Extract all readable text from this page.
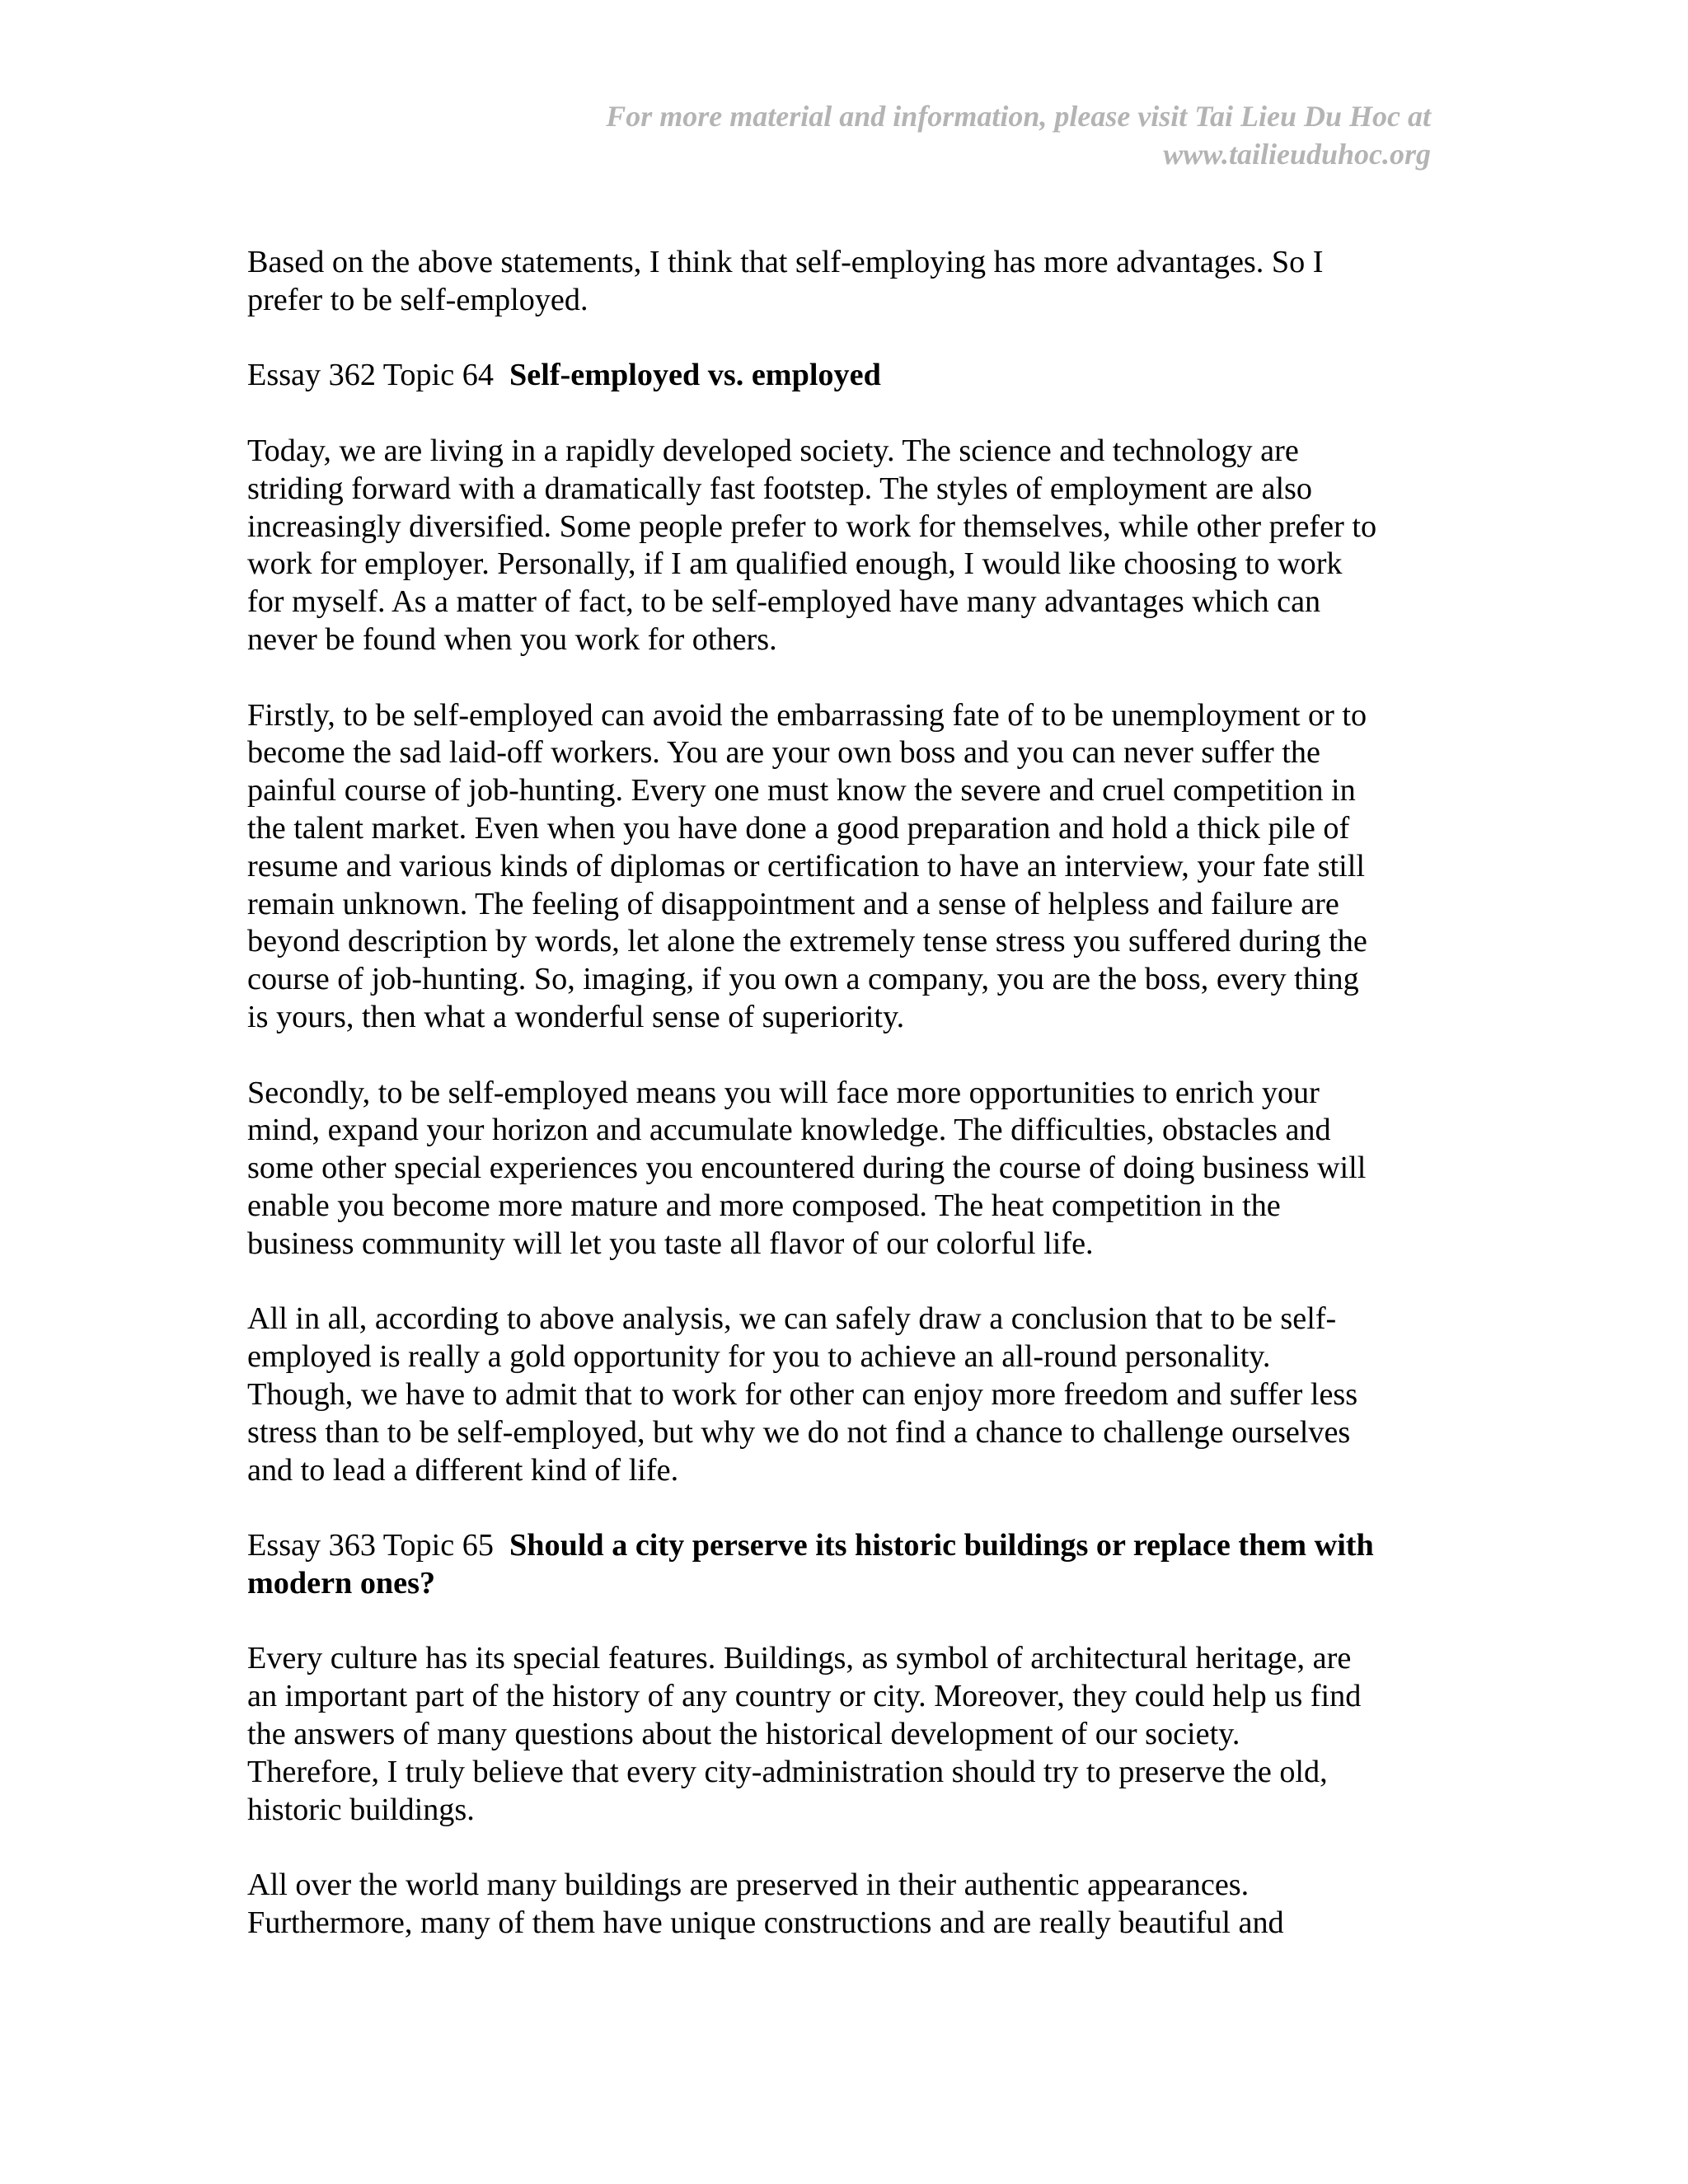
For more material and information, please visit Tai Lieu Du Hoc at
www.tailieuduhoc.org
Based on the above statements, I think that self-employing has more advantages. So I
prefer to be self-employed.
Essay 362 Topic 64 Self-employed vs. employed
Today, we are living in a rapidly developed society. The science and technology are
striding forward with a dramatically fast footstep. The styles of employment are also
increasingly diversified. Some people prefer to work for themselves, while other prefer to
work for employer. Personally, if I am qualified enough, I would like choosing to work
for myself. As a matter of fact, to be self-employed have many advantages which can
never be found when you work for others.
Firstly, to be self-employed can avoid the embarrassing fate of to be unemployment or to
become the sad laid-off workers. You are your own boss and you can never suffer the
painful course of job-hunting. Every one must know the severe and cruel competition in
the talent market. Even when you have done a good preparation and hold a thick pile of
resume and various kinds of diplomas or certification to have an interview, your fate still
remain unknown. The feeling of disappointment and a sense of helpless and failure are
beyond description by words, let alone the extremely tense stress you suffered during the
course of job-hunting. So, imaging, if you own a company, you are the boss, every thing
is yours, then what a wonderful sense of superiority.
Secondly, to be self-employed means you will face more opportunities to enrich your
mind, expand your horizon and accumulate knowledge. The difficulties, obstacles and
some other special experiences you encountered during the course of doing business will
enable you become more mature and more composed. The heat competition in the
business community will let you taste all flavor of our colorful life.
All in all, according to above analysis, we can safely draw a conclusion that to be self-
employed is really a gold opportunity for you to achieve an all-round personality.
Though, we have to admit that to work for other can enjoy more freedom and suffer less
stress than to be self-employed, but why we do not find a chance to challenge ourselves
and to lead a different kind of life.
Essay 363 Topic 65 Should a city perserve its historic buildings or replace them with
modern ones?
Every culture has its special features. Buildings, as symbol of architectural heritage, are
an important part of the history of any country or city. Moreover, they could help us find
the answers of many questions about the historical development of our society.
Therefore, I truly believe that every city-administration should try to preserve the old,
historic buildings.
All over the world many buildings are preserved in their authentic appearances.
Furthermore, many of them have unique constructions and are really beautiful and
